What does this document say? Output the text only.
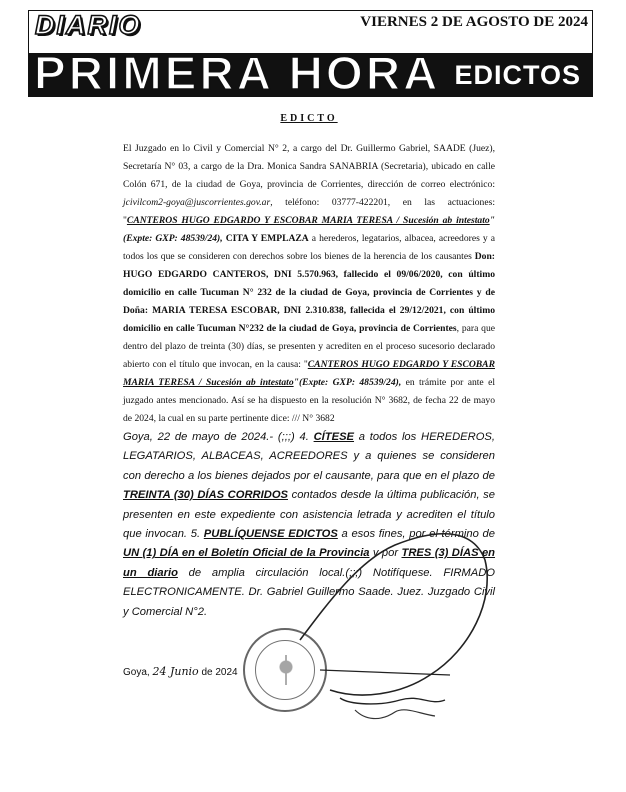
DIARIO	VIERNES 2 DE AGOSTO DE 2024
PRIMERA HORA EDICTOS
EDICTO

El Juzgado en lo Civil y Comercial N° 2, a cargo del Dr. Guillermo Gabriel, SAADE (Juez), Secretaría N° 03, a cargo de la Dra. Monica Sandra SANABRIA (Secretaria), ubicado en calle Colón 671, de la ciudad de Goya, provincia de Corrientes, dirección de correo electrónico: jcivilcom2-goya@juscorrientes.gov.ar, teléfono: 03777-422201, en las actuaciones: "CANTEROS HUGO EDGARDO Y ESCOBAR MARIA TERESA / Sucesión ab intestato"(Expte: GXP: 48539/24), CITA Y EMPLAZA a herederos, legatarios, albacea, acreedores y a todos los que se consideren con derechos sobre los bienes de la herencia de los causantes Don: HUGO EDGARDO CANTEROS, DNI 5.570.963, fallecido el 09/06/2020, con último domicilio en calle Tucuman N° 232 de la ciudad de Goya, provincia de Corrientes y de Doña: MARIA TERESA ESCOBAR, DNI 2.310.838, fallecida el 29/12/2021, con último domicilio en calle Tucuman N°232 de la ciudad de Goya, provincia de Corrientes, para que dentro del plazo de treinta (30) días, se presenten y acrediten en el proceso sucesorio declarado abierto con el título que invocan, en la causa: "CANTEROS HUGO EDGARDO Y ESCOBAR MARIA TERESA / Sucesión ab intestato"(Expte: GXP: 48539/24), en trámite por ante el juzgado antes mencionado. Así se ha dispuesto en la resolución N° 3682, de fecha 22 de mayo de 2024, la cual en su parte pertinente dice: /// N° 3682

Goya, 22 de mayo de 2024.- (;;;) 4. CÍTESE a todos los HEREDEROS, LEGATARIOS, ALBACEAS, ACREEDORES y a quienes se consideren con derecho a los bienes dejados por el causante, para que en el plazo de TREINTA (30) DÍAS CORRIDOS contados desde la última publicación, se presenten en este expediente con asistencia letrada y acrediten el título que invocan. 5. PUBLÍQUENSE EDICTOS a esos fines, por el término de UN (1) DÍA en el Boletín Oficial de la Provincia y por TRES (3) DÍAS en un diario de amplia circulación local.(;;;) Notifíquese. FIRMADO ELECTRONICAMENTE. Dr. Gabriel Guillermo Saade. Juez. Juzgado Civil y Comercial N°2.

Goya, 24 Junio de 2024
